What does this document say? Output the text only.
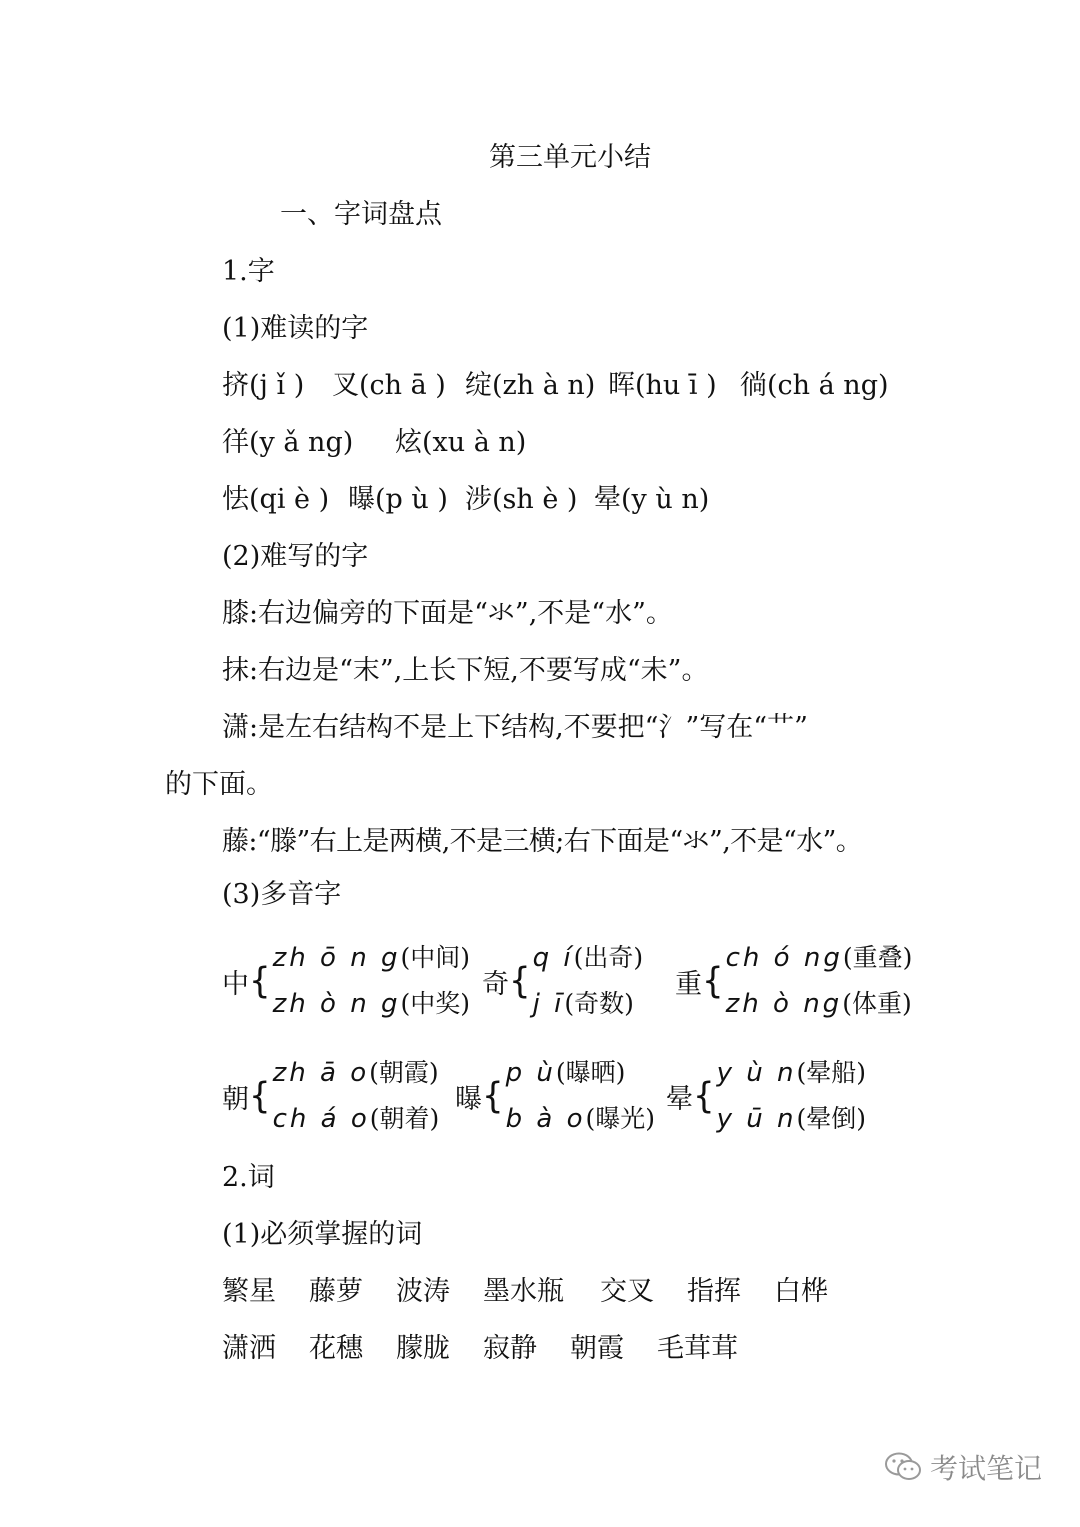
第三单元小结
一、字词盘点
1.字
(1)难读的字
挤(j ǐ ) 叉(ch ā ) 绽(zh à n) 晖(hu ī ) 徜(ch á ng)
徉(y ǎ ng) 炫(xu à n)
怯(qi è ) 曝(p ù ) 涉(sh è ) 晕(y ù n)
(2)难写的字
膝:右边偏旁的下面是“氺”,不是“水”。
抹:右边是“末”,上长下短,不要写成“未”。
潇:是左右结构不是上下结构,不要把“氵”写在“艹”
的下面。
藤:“滕”右上是两横,不是三横;右下面是“氺”,不是“水”。
(3)多音字
中 {
zh ō n g(中间)
zh ò n g(中奖)
奇 {
q í(出奇)
j ī(奇数)
重 {
ch ó ng(重叠)
zh ò ng(体重)
朝 {
zh ā o(朝霞)
ch á o(朝着)
曝 {
p ù(曝晒)
b à o(曝光)
晕 {
y ù n(晕船)
y ū n(晕倒)
2.词
(1)必须掌握的词
繁星 藤萝 波涛 墨水瓶 交叉 指挥 白桦
潇洒 花穗 朦胧 寂静 朝霞 毛茸茸
考试笔记
